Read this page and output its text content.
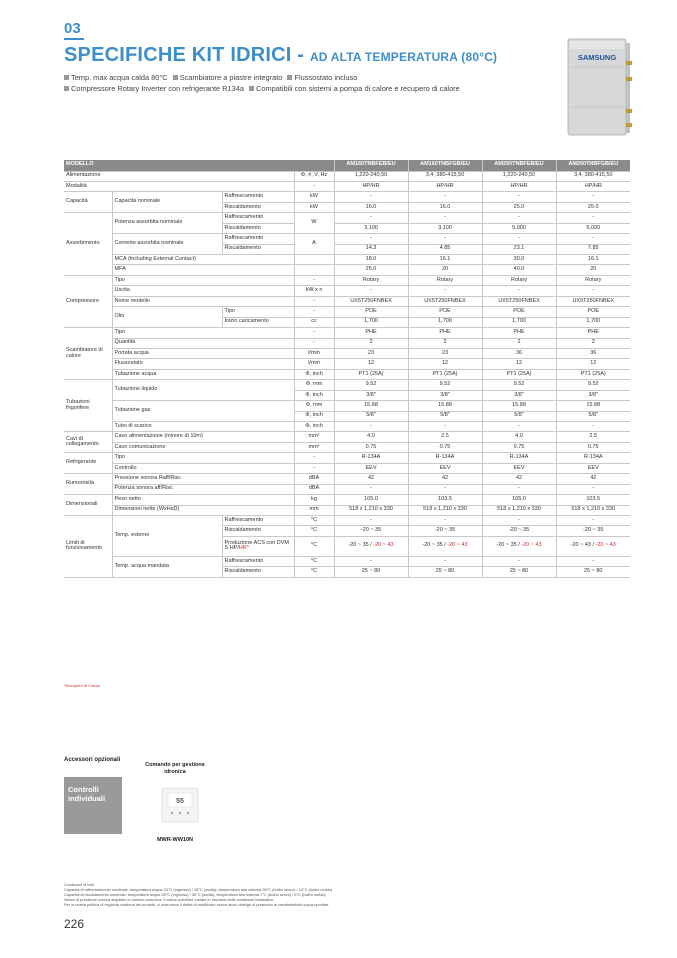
03
SPECIFICHE KIT IDRICI - AD ALTA TEMPERATURA (80°C)
Temp. max acqua calda 80°C Scambiatore a piastre integrato Flussostato incluso
Compressore Rotary Inverter con refrigerante R134a Compatibili con sistemi a pompa di calore e recupero di calore
SAMSUNG
MODELLO				AM160TNBFEB/EU	AM160TNBFGB/EU	AM250TNBFEB/EU	AM250TNBFGB/EU
Alimentazione			Φ, #, V, Hz	1,220-240,50	3,4, 380-415,50	1,220-240,50	3,4, 380-415,50
Modalità			-	HP/HR	HP/HR	HP/HR	HP/HR
Capacità	Capacità nominale	Raffrescamento	kW	-	-	-	-
		Riscaldamento	kW	16.0	16.0	25.0	25.0
Assorbimento	Potenza assorbita nominale	Raffrescamento	W	-	-	-	-
		Riscaldamento		3,100	3,100	5,000	5,000
	Corrente assorbita nominale	Raffrescamento	A	-	-	-	-
		Riscaldamento		14.3	4.85	23.1	7.85
	MCA (Including External Contact)			18.0	16.1	30.0	16.1
	MFA			25.0	20	40.0	20
Compressore	Tipo		-	Rotary	Rotary	Rotary	Rotary
	Uscita		kW x n	-	-	-	-
	Nome modello		-	UX5T250FNBEX	UX5T250FNBEX	UX5T250FNBEX	UX5T250FNBEX
	Olio	Tipo	-	POE	POE	POE	POE
		Inizio caricamento	cc	1,700	1,700	1,700	1,700
Scambiatore di calore	Tipo		-	PHE	PHE	PHE	PHE
	Quantità		-	2	2	2	2
	Portata acqua		l/min	23	23	36	36
	Flussostato		l/min	12	12	12	12
	Tubazione acqua		Φ, inch	PT1 (25A)	PT1 (25A)	PT1 (25A)	PT1 (25A)
Tubazioni frigorifere	Tubazione liquido		Φ, mm	9.52	9.52	9.52	9.52
			Φ, inch	3/8"	3/8"	3/8"	3/8"
	Tubazione gas		Φ, mm	15.88	15.88	15.88	15.88
			Φ, inch	5/8"	5/8"	5/8"	5/8"
	Tubo di scarico		Φ, inch	-	-	-	-
Cavi di collegamento	Cavo alimentazione (minore di 10m)		mm²	4.0	2.5	4.0	2.5
	Cavo comunicazione		mm²	0.75	0.75	0.75	0.75
Refrigerante	Tipo		-	R-134A	R-134A	R-134A	R-134A
	Controllo		-	EEV	EEV	EEV	EEV
Rumorosità	Pressione sonora Raff/Risc		dBA	42	42	42	42
	Potenza sonora aff/Risc		dBA	-	-	-	-
Dimensionali	Peso netto		kg	105.0	103.5	105.0	103.5
	Dimensioni nette (WxHxD)		mm	518 x 1,210 x 330	518 x 1,210 x 330	518 x 1,210 x 330	518 x 1,210 x 330
Limiti di funzionamento	Temp. esterne	Raffrescamento	°C	-	-	-	-
		Riscaldamento	°C	-20 ~ 35	-20 ~ 35	-20 ~ 35	-20 ~ 35
		Produzione ACS con DVM S HP/HR*	°C	-20 ~ 35 / -20 ~ 43	-20 ~ 35 / -20 ~ 43	-20 ~ 35 / -20 ~ 43	-20 ~ 43 / -20 ~ 43
	Temp. acqua mandata	Raffrescamento	°C	-	-	-	-
		Riscaldamento	°C	25 ~ 80	25 ~ 80	25 ~ 80	25 ~ 80
*Recupero di Calore
Accessori opzionali
Controlli individuali
Comando per gestione idronica
55
MWR-WW10N
Condizioni di test:
Capacità di raffreddamento nominale: temperatura acqua 23°C (ingresso) / 18°C (uscita); temperatura aria esterna 35°C (bulbo secco) / 24°C (bulbo umido)
Capacità di riscaldamento nominale: temperatura acqua 30°C (ingresso) / 35°C (uscita); temperatura aria esterna 7°C (bulbo secco) / 6°C (bulbo umido)
Valore di pressione sonora acquisito in camera anecoica. Il valore potrebbe variare in funzione delle condizioni installative.
Per la nostra politica di miglioria continua dei prodotti, ci riserviamo il diritto di modificare senza alcun obbligo di preavviso le caratteristiche sopra riportate.
226
